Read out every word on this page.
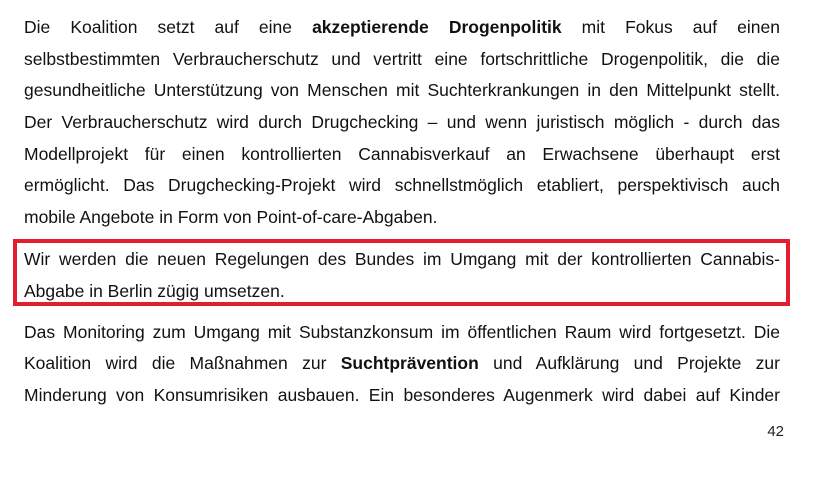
Die Koalition setzt auf eine akzeptierende Drogenpolitik mit Fokus auf einen
selbstbestimmten Verbraucherschutz und vertritt eine fortschrittliche Drogenpolitik, die die
gesundheitliche Unterstützung von Menschen mit Suchterkrankungen in den Mittelpunkt stellt.
Der Verbraucherschutz wird durch Drugchecking – und wenn juristisch möglich - durch das
Modellprojekt für einen kontrollierten Cannabisverkauf an Erwachsene überhaupt erst
ermöglicht. Das Drugchecking-Projekt wird schnellstmöglich etabliert, perspektivisch auch
mobile Angebote in Form von Point-of-care-Abgaben.
Wir werden die neuen Regelungen des Bundes im Umgang mit der kontrollierten Cannabis-
Abgabe in Berlin zügig umsetzen.
Das Monitoring zum Umgang mit Substanzkonsum im öffentlichen Raum wird fortgesetzt. Die
Koalition wird die Maßnahmen zur Suchtprävention und Aufklärung und Projekte zur
Minderung von Konsumrisiken ausbauen. Ein besonderes Augenmerk wird dabei auf Kinder
42
